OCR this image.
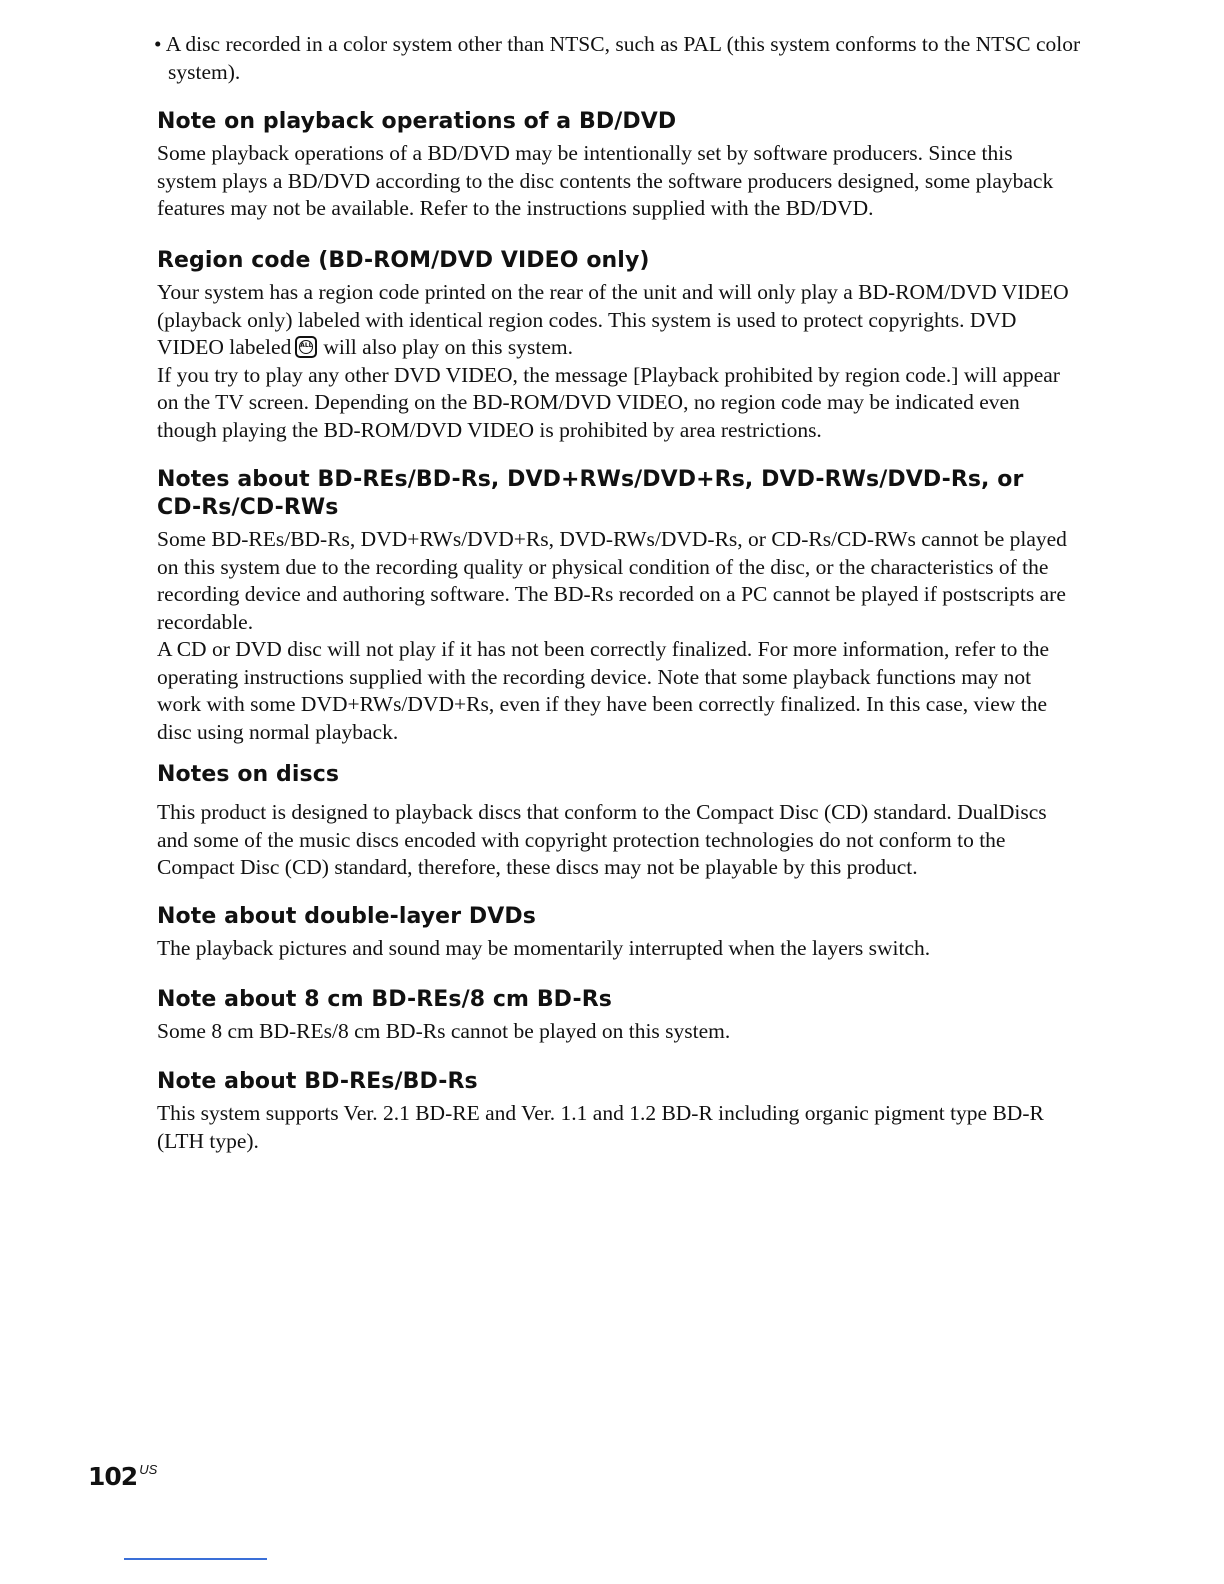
• A disc recorded in a color system other than NTSC, such as PAL (this system conforms to the NTSC color system).
Note on playback operations of a BD/DVD

Some playback operations of a BD/DVD may be intentionally set by software producers. Since this system plays a BD/DVD according to the disc contents the software producers designed, some playback features may not be available. Refer to the instructions supplied with the BD/DVD.

Region code (BD-ROM/DVD VIDEO only)

Your system has a region code printed on the rear of the unit and will only play a BD-ROM/DVD VIDEO (playback only) labeled with identical region codes. This system is used to protect copyrights. DVD VIDEO labeled	ALL will also play on this system.

If you try to play any other DVD VIDEO, the message [Playback prohibited by region code.] will appear on the TV screen. Depending on the BD-ROM/DVD VIDEO, no region code may be indicated even though playing the BD-ROM/DVD VIDEO is prohibited by area restrictions.

Notes about BD-REs/BD-Rs, DVD+RWs/DVD+Rs, DVD-RWs/DVD-Rs, or CD-Rs/CD-RWs

Some BD-REs/BD-Rs, DVD+RWs/DVD+Rs, DVD-RWs/DVD-Rs, or CD-Rs/CD-RWs cannot be played on this system due to the recording quality or physical condition of the disc, or the characteristics of the recording device and authoring software. The BD-Rs recorded on a PC cannot be played if postscripts are recordable.

A CD or DVD disc will not play if it has not been correctly finalized. For more information, refer to the operating instructions supplied with the recording device. Note that some playback functions may not work with some DVD+RWs/DVD+Rs, even if they have been correctly finalized. In this case, view the disc using normal playback.

Notes on discs

This product is designed to playback discs that conform to the Compact Disc (CD) standard. DualDiscs and some of the music discs encoded with copyright protection technologies do not conform to the Compact Disc (CD) standard, therefore, these discs may not be playable by this product.

Note about double-layer DVDs

The playback pictures and sound may be momentarily interrupted when the layers switch.

Note about 8 cm BD-REs/8 cm BD-Rs

Some 8 cm BD-REs/8 cm BD-Rs cannot be played on this system.

Note about BD-REs/BD-Rs

This system supports Ver. 2.1 BD-RE and Ver. 1.1 and 1.2 BD-R including organic pigment type BD-R (LTH type).

102 $^{US}$
